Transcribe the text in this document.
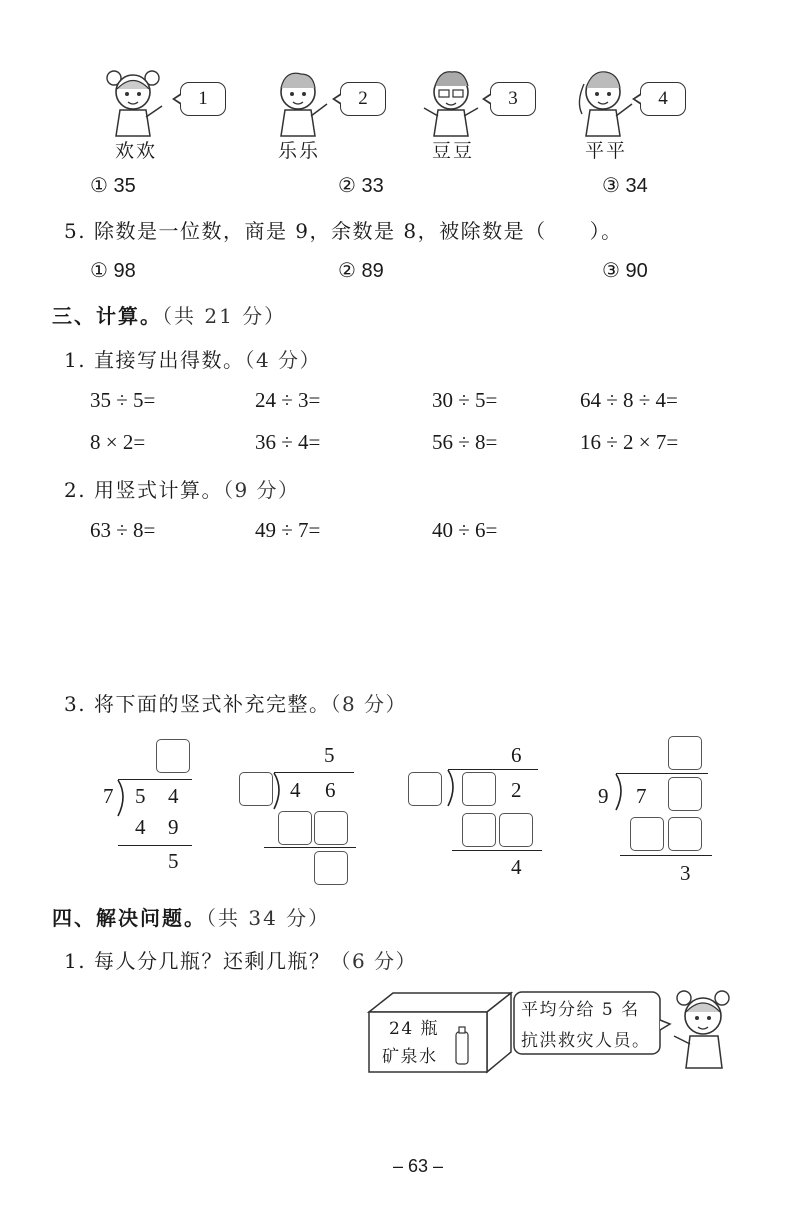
1
欢欢
2
乐乐
3
豆豆
4
平平
① 35	② 33	③ 34
5. 除数是一位数，商是 9，余数是 8，被除数是（　　）。
① 98	② 89	③ 90
三、计算。（共 21 分）
1. 直接写出得数。（4 分）
35 ÷ 5=	24 ÷ 3=	30 ÷ 5=	64 ÷ 8 ÷ 4=
8 × 2=	36 ÷ 4=	56 ÷ 8=	16 ÷ 2 × 7=
2. 用竖式计算。（9 分）
63 ÷ 8=	49 ÷ 7=	40 ÷ 6=
3. 将下面的竖式补充完整。（8 分）
7 5 4
4 9
5
5
4 6
6
2
4
9 7
3
四、解决问题。（共 34 分）
1. 每人分几瓶？还剩几瓶？（6 分）
24 瓶
矿泉水
平均分给 5 名
抗洪救灾人员。
– 63 –
